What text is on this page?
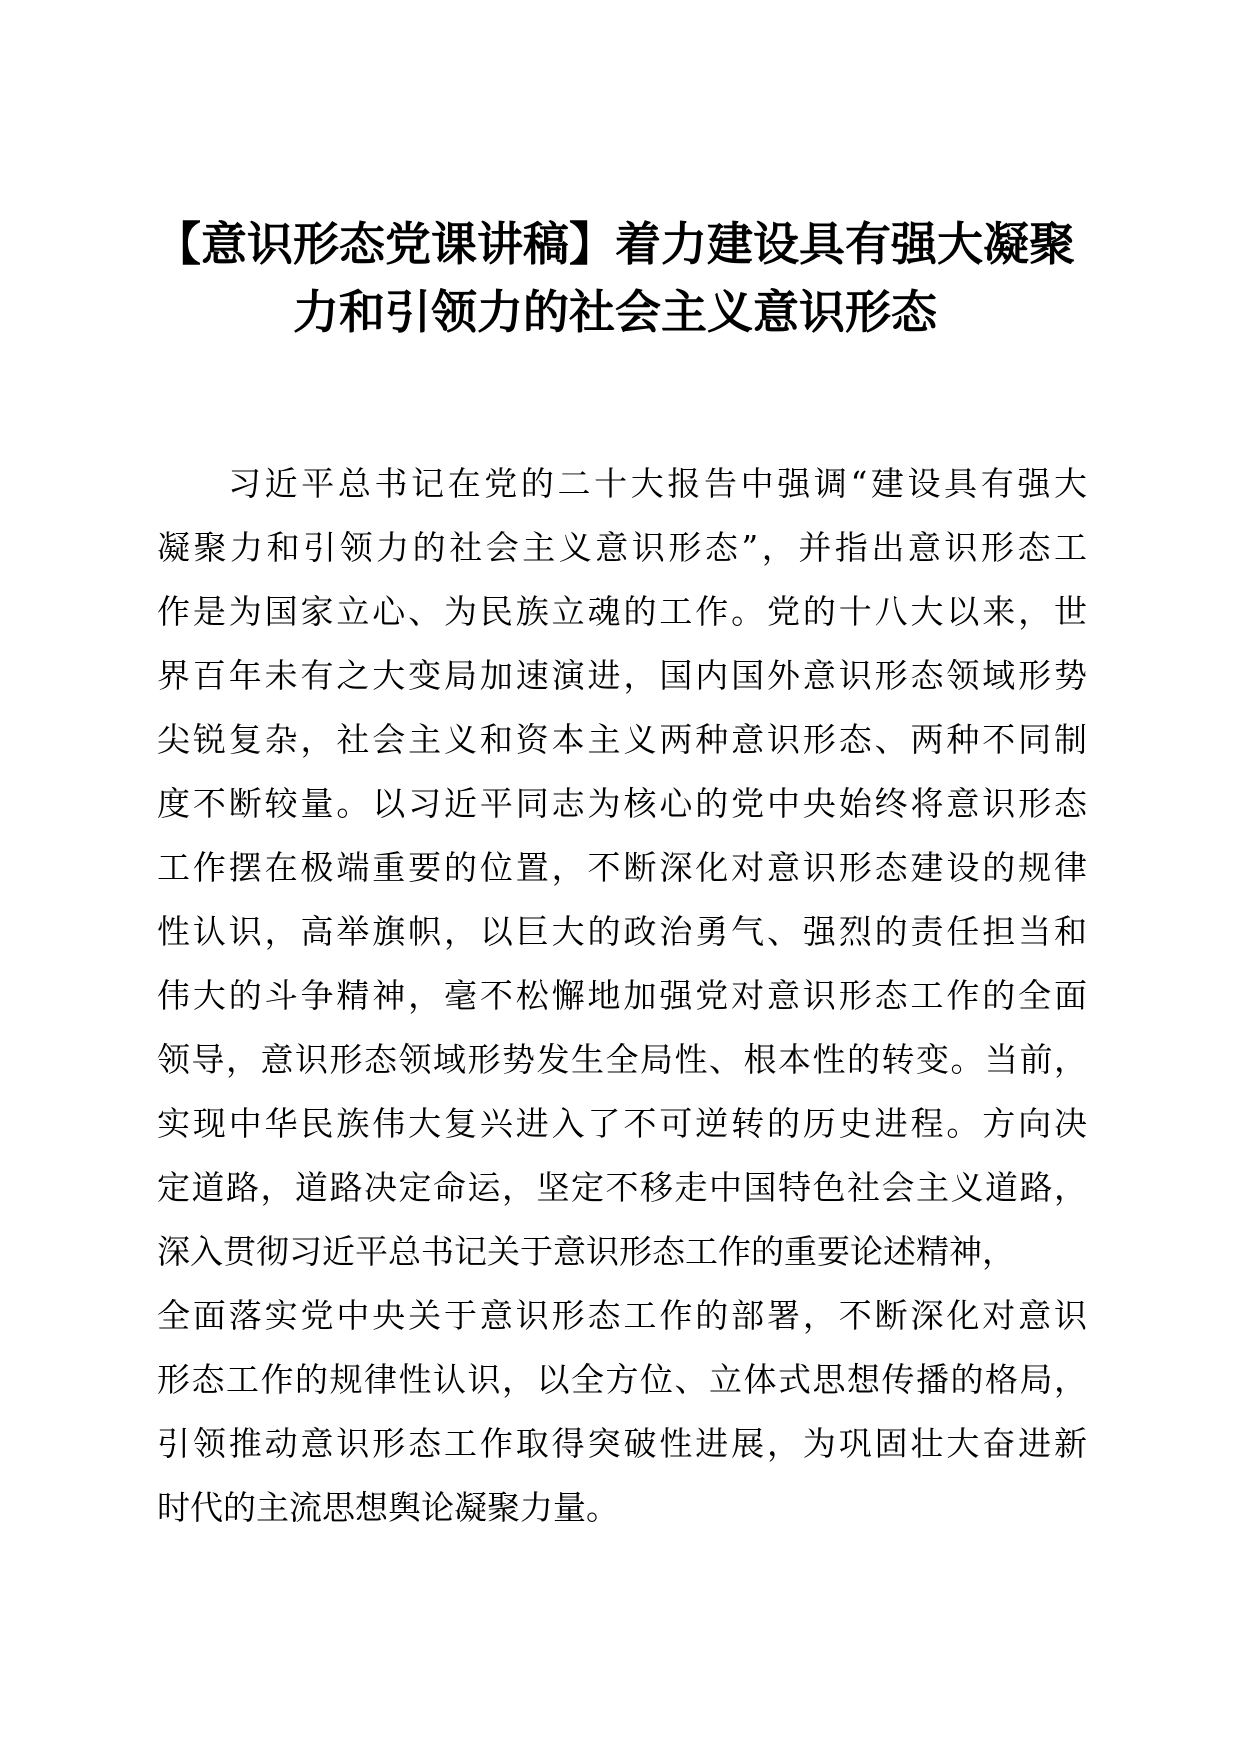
【意识形态党课讲稿】着力建设具有强大凝聚
力和引领力的社会主义意识形态
习近平总书记在党的二十大报告中强调“建设具有强大
凝聚力和引领力的社会主义意识形态”，并指出意识形态工
作是为国家立心、为民族立魂的工作。党的十八大以来，世
界百年未有之大变局加速演进，国内国外意识形态领域形势
尖锐复杂，社会主义和资本主义两种意识形态、两种不同制
度不断较量。以习近平同志为核心的党中央始终将意识形态
工作摆在极端重要的位置，不断深化对意识形态建设的规律
性认识，高举旗帜，以巨大的政治勇气、强烈的责任担当和
伟大的斗争精神，毫不松懈地加强党对意识形态工作的全面
领导，意识形态领域形势发生全局性、根本性的转变。当前，
实现中华民族伟大复兴进入了不可逆转的历史进程。方向决
定道路，道路决定命运，坚定不移走中国特色社会主义道路，
深入贯彻习近平总书记关于意识形态工作的重要论述精神，
全面落实党中央关于意识形态工作的部署，不断深化对意识
形态工作的规律性认识，以全方位、立体式思想传播的格局，
引领推动意识形态工作取得突破性进展，为巩固壮大奋进新
时代的主流思想舆论凝聚力量。
